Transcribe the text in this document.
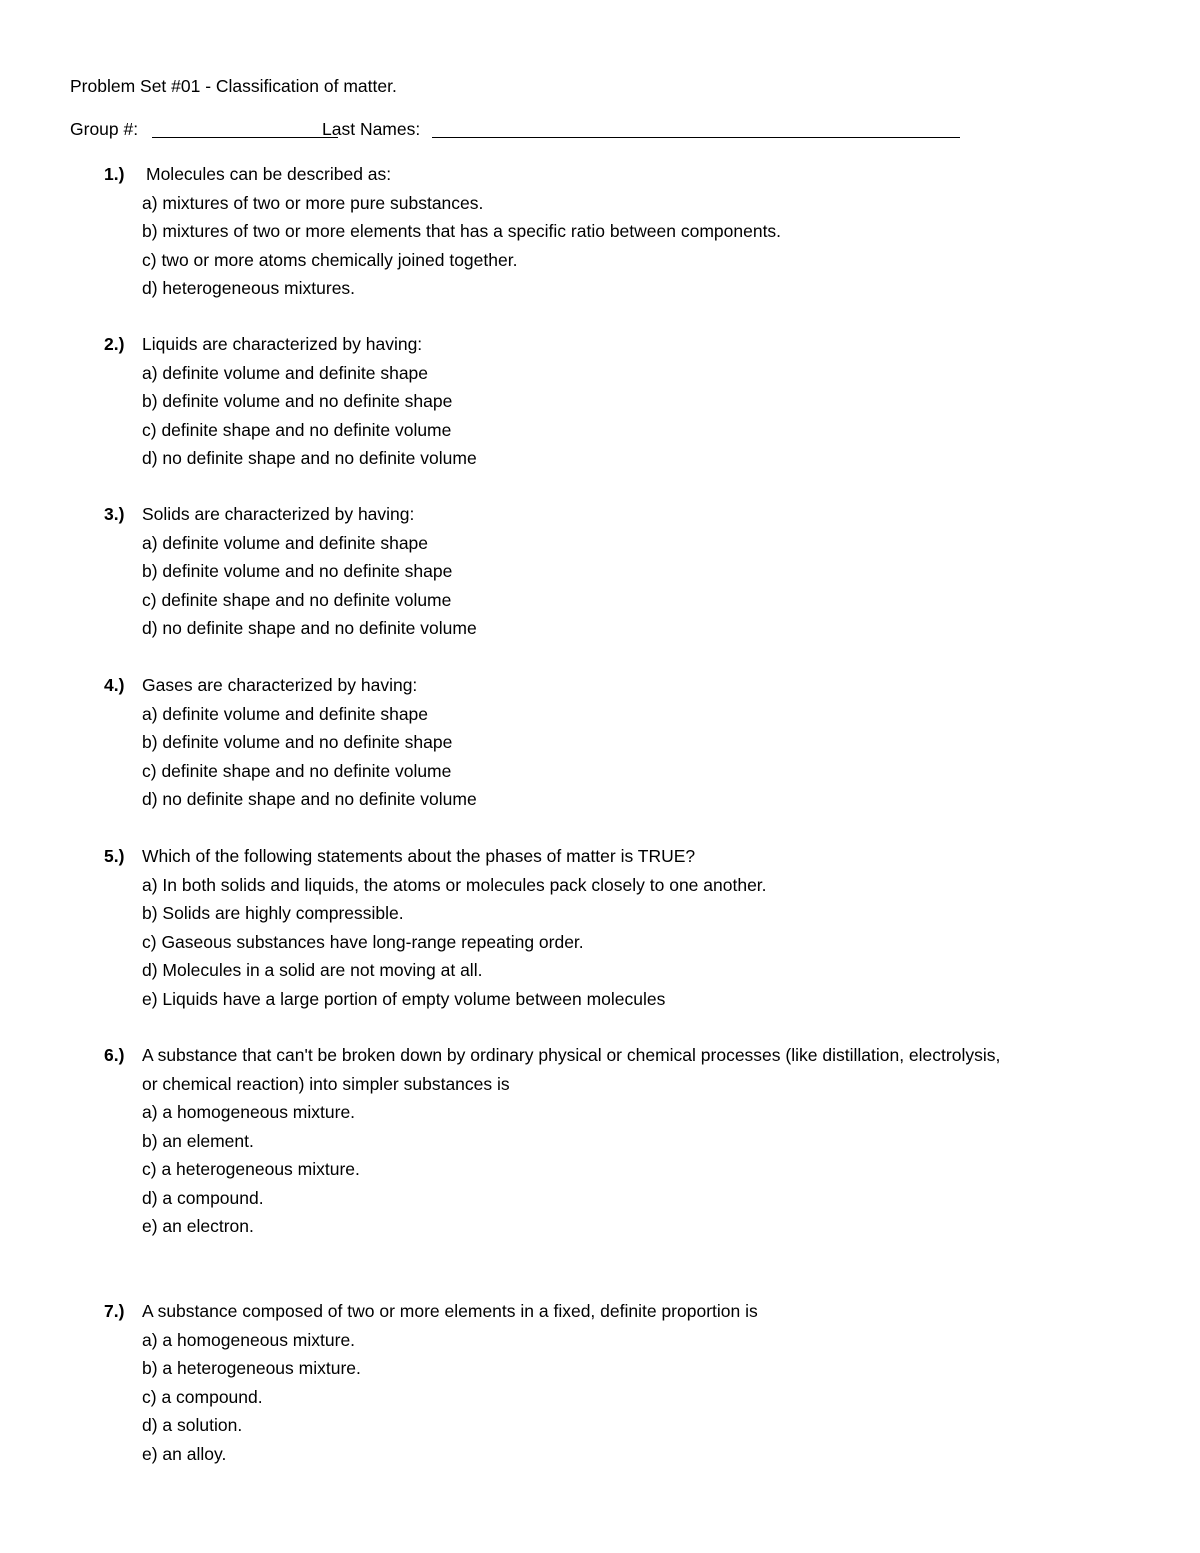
Problem Set #01 - Classification of matter.
Group #:	Last Names:
1.) Molecules can be described as:
a) mixtures of two or more pure substances.
b) mixtures of two or more elements that has a specific ratio between components.
c) two or more atoms chemically joined together.
d) heterogeneous mixtures.
2.) Liquids are characterized by having:
a) definite volume and definite shape
b) definite volume and no definite shape
c) definite shape and no definite volume
d) no definite shape and no definite volume
3.) Solids are characterized by having:
a) definite volume and definite shape
b) definite volume and no definite shape
c) definite shape and no definite volume
d) no definite shape and no definite volume
4.) Gases are characterized by having:
a) definite volume and definite shape
b) definite volume and no definite shape
c) definite shape and no definite volume
d) no definite shape and no definite volume
5.) Which of the following statements about the phases of matter is TRUE?
a) In both solids and liquids, the atoms or molecules pack closely to one another.
b) Solids are highly compressible.
c) Gaseous substances have long-range repeating order.
d) Molecules in a solid are not moving at all.
e) Liquids have a large portion of empty volume between molecules
6.) A substance that can't be broken down by ordinary physical or chemical processes (like distillation, electrolysis,
or chemical reaction) into simpler substances is
a) a homogeneous mixture.
b) an element.
c) a heterogeneous mixture.
d) a compound.
e) an electron.
7.) A substance composed of two or more elements in a fixed, definite proportion is
a) a homogeneous mixture.
b) a heterogeneous mixture.
c) a compound.
d) a solution.
e) an alloy.
